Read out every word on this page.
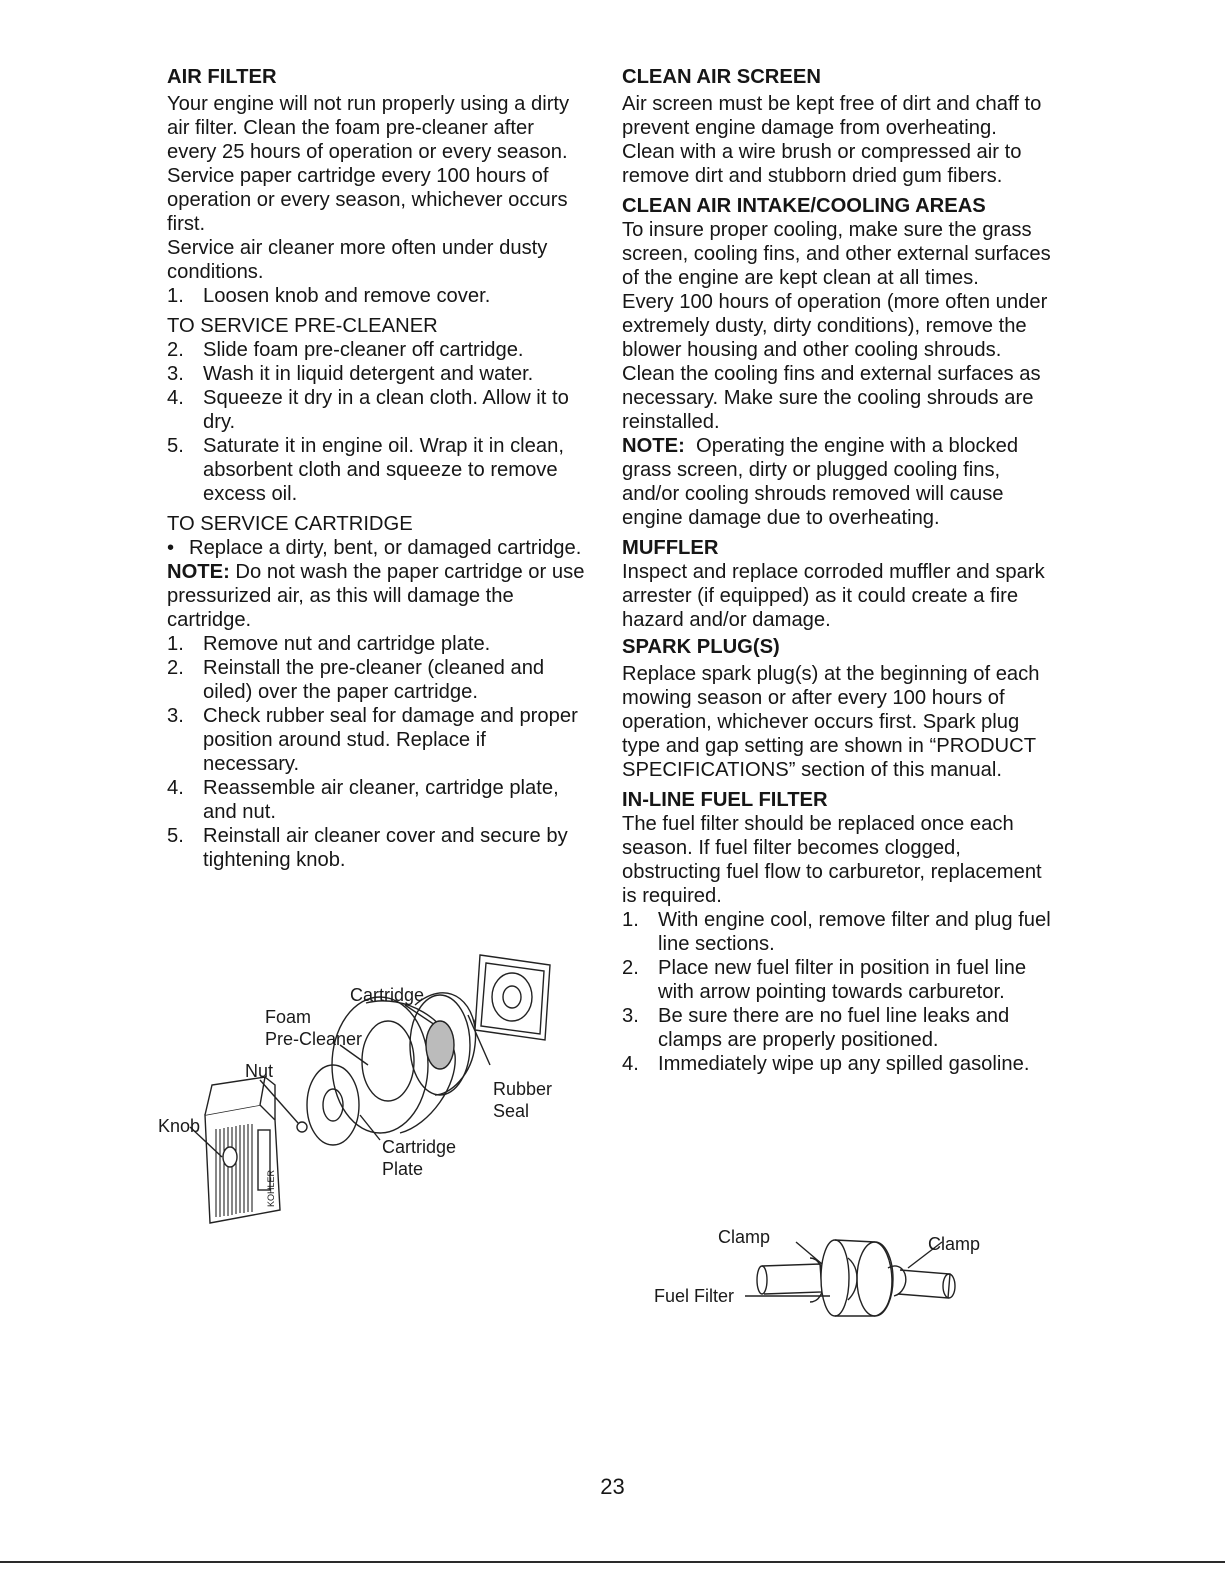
AIR FILTER

Your engine will not run properly using a dirty air filter. Clean the foam pre-cleaner after every 25 hours of operation or every season. Service paper cartridge every 100 hours of operation or every season, whichever occurs first.

Service air cleaner more often under dusty conditions.

1. Loosen knob and remove cover.

TO SERVICE PRE-CLEANER

2. Slide foam pre-cleaner off cartridge.
3. Wash it in liquid detergent and water.
4. Squeeze it dry in a clean cloth. Allow it to dry.
5. Saturate it in engine oil. Wrap it in clean, absorbent cloth and squeeze to remove excess oil.

TO SERVICE CARTRIDGE

• Replace a dirty, bent, or damaged cartridge.

NOTE: Do not wash the paper cartridge or use pressurized air, as this will damage the cartridge.

1. Remove nut and cartridge plate.
2. Reinstall the pre-cleaner (cleaned and oiled) over the paper cartridge.
3. Check rubber seal for damage and proper position around stud. Replace if necessary.
4. Reassemble air cleaner, cartridge plate, and nut.
5. Reinstall air cleaner cover and secure by tightening knob.
Cartridge
Foam
Pre-Cleaner
Nut
Knob
Rubber
Seal
Cartridge
Plate
KOHLER
CLEAN AIR SCREEN

Air screen must be kept free of dirt and chaff to prevent engine damage from overheating. Clean with a wire brush or compressed air to remove dirt and stubborn dried gum fibers.

CLEAN AIR INTAKE/COOLING AREAS

To insure proper cooling, make sure the grass screen, cooling fins, and other external surfaces of the engine are kept clean at all times.

Every 100 hours of operation (more often under extremely dusty, dirty conditions), remove the blower housing and other cooling shrouds. Clean the cooling fins and external surfaces as necessary. Make sure the cooling shrouds are reinstalled.

NOTE: Operating the engine with a blocked grass screen, dirty or plugged cooling fins, and/or cooling shrouds removed will cause engine damage due to overheating.

MUFFLER

Inspect and replace corroded muffler and spark arrester (if equipped) as it could create a fire hazard and/or damage.

SPARK PLUG(S)

Replace spark plug(s) at the beginning of each mowing season or after every 100 hours of operation, whichever occurs first. Spark plug type and gap setting are shown in “PRODUCT SPECIFICATIONS” section of this manual.

IN-LINE FUEL FILTER

The fuel filter should be replaced once each season. If fuel filter becomes clogged, obstructing fuel flow to carburetor, replacement is required.

1. With engine cool, remove filter and plug fuel line sections.
2. Place new fuel filter in position in fuel line with arrow pointing towards carburetor.
3. Be sure there are no fuel line leaks and clamps are properly positioned.
4. Immediately wipe up any spilled gasoline.
Clamp	Clamp
Fuel Filter
23
